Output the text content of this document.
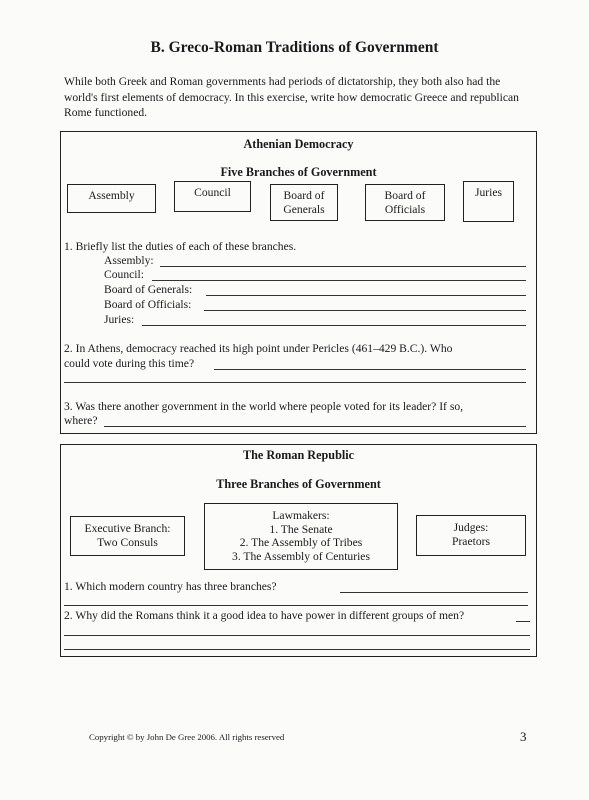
B. Greco-Roman Traditions of Government
While both Greek and Roman governments had periods of dictatorship, they both also had the world's first elements of democracy. In this exercise, write how democratic Greece and republican Rome functioned.
Athenian Democracy
Five Branches of Government
Assembly	Council	Board of Generals
Board of Officials
Juries
1. Briefly list the duties of each of these branches.
Assembly:
Council:
Board of Generals:
Board of Officials:
Juries:
2. In Athens, democracy reached its high point under Pericles (461–429 B.C.). Who
could vote during this time?
3. Was there another government in the world where people voted for its leader? If so,
where?
The Roman Republic
Three Branches of Government
Executive Branch:
Two Consuls
Lawmakers:
1. The Senate
2. The Assembly of Tribes
3. The Assembly of Centuries
Judges:
Praetors
1. Which modern country has three branches?
2. Why did the Romans think it a good idea to have power in different groups of men?
Copyright © by John De Gree 2006. All rights reserved	3
